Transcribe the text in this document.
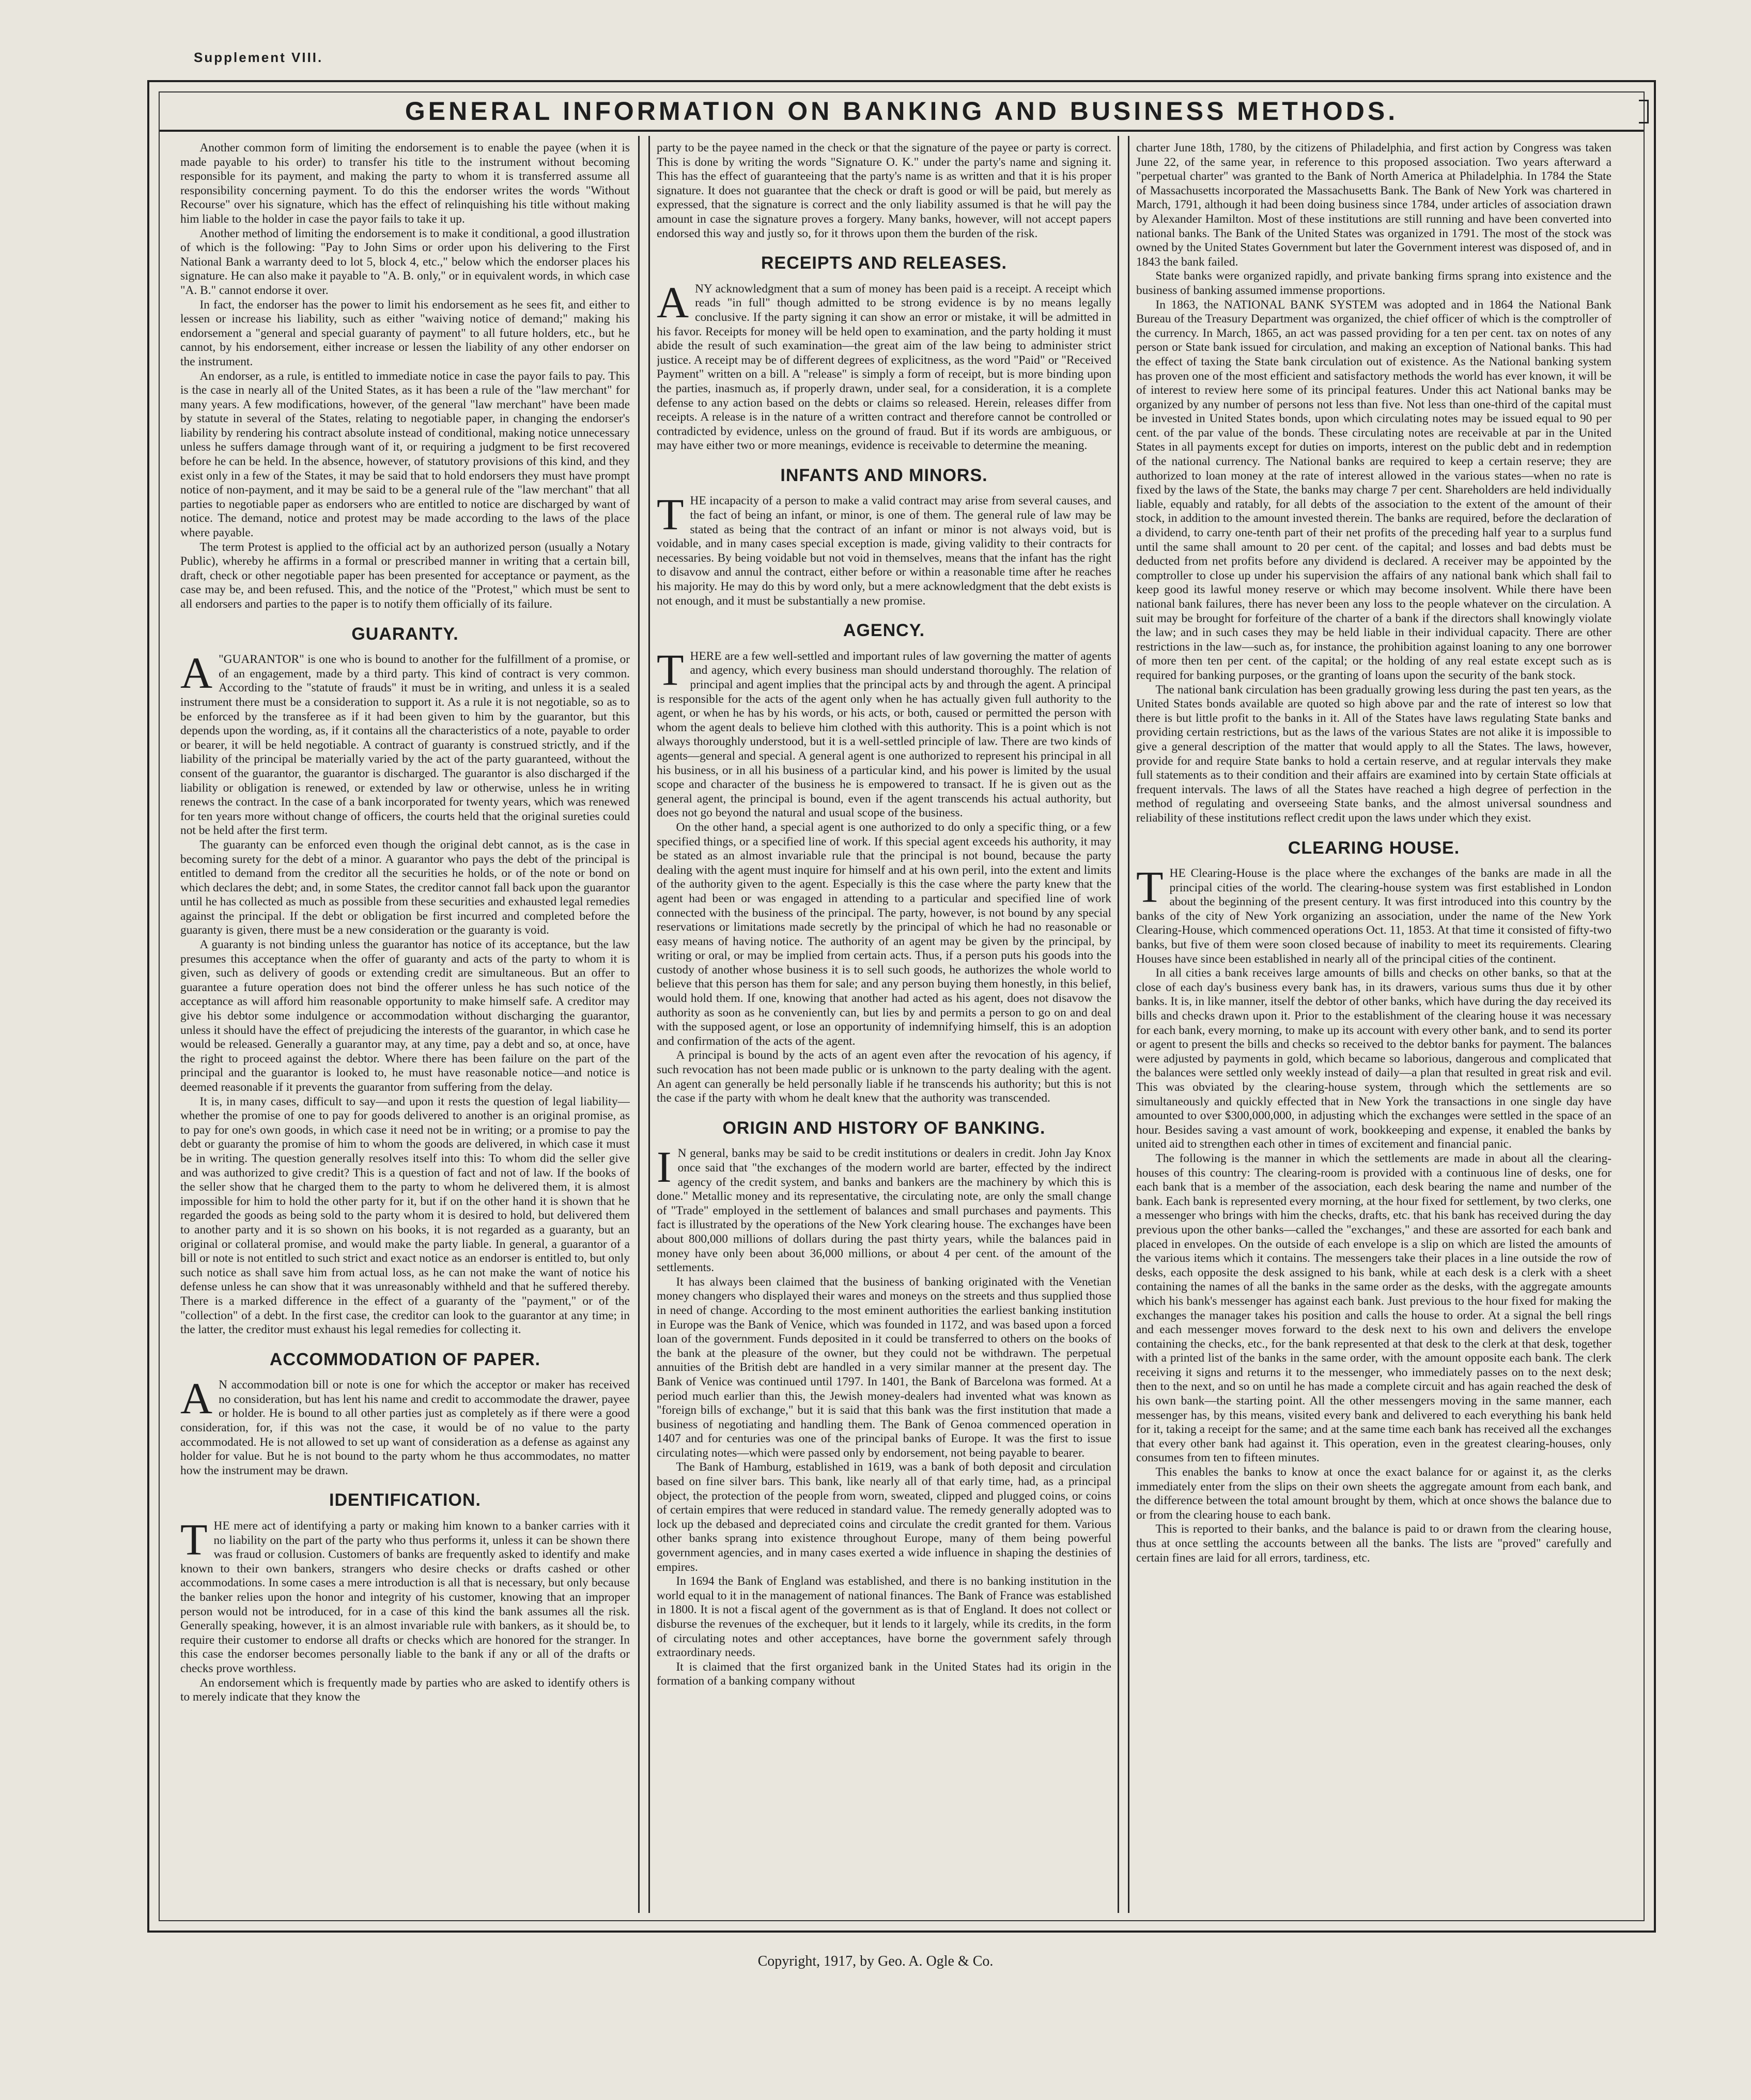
Supplement VIII.
GENERAL INFORMATION ON BANKING AND BUSINESS METHODS.

Another common form of limiting the endorsement is to enable the payee (when it is made payable to his order) to transfer his title to the instrument without becoming responsible for its payment, and making the party to whom it is transferred assume all responsibility concerning payment. To do this the endorser writes the words "Without Recourse" over his signature, which has the effect of relinquishing his title without making him liable to the holder in case the payor fails to take it up.

Another method of limiting the endorsement is to make it conditional, a good illustration of which is the following: "Pay to John Sims or order upon his delivering to the First National Bank a warranty deed to lot 5, block 4, etc.," below which the endorser places his signature. He can also make it payable to "A. B. only," or in equivalent words, in which case "A. B." cannot endorse it over.

In fact, the endorser has the power to limit his endorsement as he sees fit, and either to lessen or increase his liability, such as either "waiving notice of demand;" making his endorsement a "general and special guaranty of payment" to all future holders, etc., but he cannot, by his endorsement, either increase or lessen the liability of any other endorser on the instrument.

An endorser, as a rule, is entitled to immediate notice in case the payor fails to pay. This is the case in nearly all of the United States, as it has been a rule of the "law merchant" for many years. A few modifications, however, of the general "law merchant" have been made by statute in several of the States, relating to negotiable paper, in changing the endorser's liability by rendering his contract absolute instead of conditional, making notice unnecessary unless he suffers damage through want of it, or requiring a judgment to be first recovered before he can be held. In the absence, however, of statutory provisions of this kind, and they exist only in a few of the States, it may be said that to hold endorsers they must have prompt notice of non-payment, and it may be said to be a general rule of the "law merchant" that all parties to negotiable paper as endorsers who are entitled to notice are discharged by want of notice. The demand, notice and protest may be made according to the laws of the place where payable.

The term Protest is applied to the official act by an authorized person (usually a Notary Public), whereby he affirms in a formal or prescribed manner in writing that a certain bill, draft, check or other negotiable paper has been presented for acceptance or payment, as the case may be, and been refused. This, and the notice of the "Protest," which must be sent to all endorsers and parties to the paper is to notify them officially of its failure.

GUARANTY.

A "GUARANTOR" is one who is bound to another for the fulfillment of a promise, or of an engagement, made by a third party. This kind of contract is very common. According to the "statute of frauds" it must be in writing, and unless it is a sealed instrument there must be a consideration to support it. As a rule it is not negotiable, so as to be enforced by the transferee as if it had been given to him by the guarantor, but this depends upon the wording, as, if it contains all the characteristics of a note, payable to order or bearer, it will be held negotiable. A contract of guaranty is construed strictly, and if the liability of the principal be materially varied by the act of the party guaranteed, without the consent of the guarantor, the guarantor is discharged. The guarantor is also discharged if the liability or obligation is renewed, or extended by law or otherwise, unless he in writing renews the contract. In the case of a bank incorporated for twenty years, which was renewed for ten years more without change of officers, the courts held that the original sureties could not be held after the first term.

The guaranty can be enforced even though the original debt cannot, as is the case in becoming surety for the debt of a minor. A guarantor who pays the debt of the principal is entitled to demand from the creditor all the securities he holds, or of the note or bond on which declares the debt; and, in some States, the creditor cannot fall back upon the guarantor until he has collected as much as possible from these securities and exhausted legal remedies against the principal. If the debt or obligation be first incurred and completed before the guaranty is given, there must be a new consideration or the guaranty is void.

A guaranty is not binding unless the guarantor has notice of its acceptance, but the law presumes this acceptance when the offer of guaranty and acts of the party to whom it is given, such as delivery of goods or extending credit are simultaneous. But an offer to guarantee a future operation does not bind the offerer unless he has such notice of the acceptance as will afford him reasonable opportunity to make himself safe. A creditor may give his debtor some indulgence or accommodation without discharging the guarantor, unless it should have the effect of prejudicing the interests of the guarantor, in which case he would be released. Generally a guarantor may, at any time, pay a debt and so, at once, have the right to proceed against the debtor. Where there has been failure on the part of the principal and the guarantor is looked to, he must have reasonable notice—and notice is deemed reasonable if it prevents the guarantor from suffering from the delay.

It is, in many cases, difficult to say—and upon it rests the question of legal liability—whether the promise of one to pay for goods delivered to another is an original promise, as to pay for one's own goods, in which case it need not be in writing; or a promise to pay the debt or guaranty the promise of him to whom the goods are delivered, in which case it must be in writing. The question generally resolves itself into this: To whom did the seller give and was authorized to give credit? This is a question of fact and not of law. If the books of the seller show that he charged them to the party to whom he delivered them, it is almost impossible for him to hold the other party for it, but if on the other hand it is shown that he regarded the goods as being sold to the party whom it is desired to hold, but delivered them to another party and it is so shown on his books, it is not regarded as a guaranty, but an original or collateral promise, and would make the party liable. In general, a guarantor of a bill or note is not entitled to such strict and exact notice as an endorser is entitled to, but only such notice as shall save him from actual loss, as he can not make the want of notice his defense unless he can show that it was unreasonably withheld and that he suffered thereby. There is a marked difference in the effect of a guaranty of the "payment," or of the "collection" of a debt. In the first case, the creditor can look to the guarantor at any time; in the latter, the creditor must exhaust his legal remedies for collecting it.

ACCOMMODATION OF PAPER.

A N accommodation bill or note is one for which the acceptor or maker has received no consideration, but has lent his name and credit to accommodate the drawer, payee or holder. He is bound to all other parties just as completely as if there were a good consideration, for, if this was not the case, it would be of no value to the party accommodated. He is not allowed to set up want of consideration as a defense as against any holder for value. But he is not bound to the party whom he thus accommodates, no matter how the instrument may be drawn.

IDENTIFICATION.

THE mere act of identifying a party or making him known to a banker carries with it no liability on the part of the party who thus performs it, unless it can be shown there was fraud or collusion. Customers of banks are frequently asked to identify and make known to their own bankers, strangers who desire checks or drafts cashed or other accommodations. In some cases a mere introduction is all that is necessary, but only because the banker relies upon the honor and integrity of his customer, knowing that an improper person would not be introduced, for in a case of this kind the bank assumes all the risk. Generally speaking, however, it is an almost invariable rule with bankers, as it should be, to require their customer to endorse all drafts or checks which are honored for the stranger. In this case the endorser becomes personally liable to the bank if any or all of the drafts or checks prove worthless.

An endorsement which is frequently made by parties who are asked to identify others is to merely indicate that they know the

party to be the payee named in the check or that the signature of the payee or party is correct. This is done by writing the words "Signature O. K." under the party's name and signing it. This has the effect of guaranteeing that the party's name is as written and that it is his proper signature. It does not guarantee that the check or draft is good or will be paid, but merely as expressed, that the signature is correct and the only liability assumed is that he will pay the amount in case the signature proves a forgery. Many banks, however, will not accept papers endorsed this way and justly so, for it throws upon them the burden of the risk.

RECEIPTS AND RELEASES.

ANY acknowledgment that a sum of money has been paid is a receipt. A receipt which reads "in full" though admitted to be strong evidence is by no means legally conclusive. If the party signing it can show an error or mistake, it will be admitted in his favor. Receipts for money will be held open to examination, and the party holding it must abide the result of such examination—the great aim of the law being to administer strict justice. A receipt may be of different degrees of explicitness, as the word "Paid" or "Received Payment" written on a bill. A "release" is simply a form of receipt, but is more binding upon the parties, inasmuch as, if properly drawn, under seal, for a consideration, it is a complete defense to any action based on the debts or claims so released. Herein, releases differ from receipts. A release is in the nature of a written contract and therefore cannot be controlled or contradicted by evidence, unless on the ground of fraud. But if its words are ambiguous, or may have either two or more meanings, evidence is receivable to determine the meaning.

INFANTS AND MINORS.

THE incapacity of a person to make a valid contract may arise from several causes, and the fact of being an infant, or minor, is one of them. The general rule of law may be stated as being that the contract of an infant or minor is not always void, but is voidable, and in many cases special exception is made, giving validity to their contracts for necessaries. By being voidable but not void in themselves, means that the infant has the right to disavow and annul the contract, either before or within a reasonable time after he reaches his majority. He may do this by word only, but a mere acknowledgment that the debt exists is not enough, and it must be substantially a new promise.

AGENCY.

THERE are a few well-settled and important rules of law governing the matter of agents and agency, which every business man should understand thoroughly. The relation of principal and agent implies that the principal acts by and through the agent. A principal is responsible for the acts of the agent only when he has actually given full authority to the agent, or when he has by his words, or his acts, or both, caused or permitted the person with whom the agent deals to believe him clothed with this authority. This is a point which is not always thoroughly understood, but it is a well-settled principle of law. There are two kinds of agents—general and special. A general agent is one authorized to represent his principal in all his business, or in all his business of a particular kind, and his power is limited by the usual scope and character of the business he is empowered to transact. If he is given out as the general agent, the principal is bound, even if the agent transcends his actual authority, but does not go beyond the natural and usual scope of the business.

On the other hand, a special agent is one authorized to do only a specific thing, or a few specified things, or a specified line of work. If this special agent exceeds his authority, it may be stated as an almost invariable rule that the principal is not bound, because the party dealing with the agent must inquire for himself and at his own peril, into the extent and limits of the authority given to the agent. Especially is this the case where the party knew that the agent had been or was engaged in attending to a particular and specified line of work connected with the business of the principal. The party, however, is not bound by any special reservations or limitations made secretly by the principal of which he had no reasonable or easy means of having notice. The authority of an agent may be given by the principal, by writing or oral, or may be implied from certain acts. Thus, if a person puts his goods into the custody of another whose business it is to sell such goods, he authorizes the whole world to believe that this person has them for sale; and any person buying them honestly, in this belief, would hold them. If one, knowing that another had acted as his agent, does not disavow the authority as soon as he conveniently can, but lies by and permits a person to go on and deal with the supposed agent, or lose an opportunity of indemnifying himself, this is an adoption and confirmation of the acts of the agent.

A principal is bound by the acts of an agent even after the revocation of his agency, if such revocation has not been made public or is unknown to the party dealing with the agent. An agent can generally be held personally liable if he transcends his authority; but this is not the case if the party with whom he dealt knew that the authority was transcended.

ORIGIN AND HISTORY OF BANKING.

I N general, banks may be said to be credit institutions or dealers in credit. John Jay Knox once said that "the exchanges of the modern world are barter, effected by the indirect agency of the credit system, and banks and bankers are the machinery by which this is done." Metallic money and its representative, the circulating note, are only the small change of "Trade" employed in the settlement of balances and small purchases and payments. This fact is illustrated by the operations of the New York clearing house. The exchanges have been about 800,000 millions of dollars during the past thirty years, while the balances paid in money have only been about 36,000 millions, or about 4 per cent. of the amount of the settlements.

It has always been claimed that the business of banking originated with the Venetian money changers who displayed their wares and moneys on the streets and thus supplied those in need of change. According to the most eminent authorities the earliest banking institution in Europe was the Bank of Venice, which was founded in 1172, and was based upon a forced loan of the government. Funds deposited in it could be transferred to others on the books of the bank at the pleasure of the owner, but they could not be withdrawn. The perpetual annuities of the British debt are handled in a very similar manner at the present day. The Bank of Venice was continued until 1797. In 1401, the Bank of Barcelona was formed. At a period much earlier than this, the Jewish money-dealers had invented what was known as "foreign bills of exchange," but it is said that this bank was the first institution that made a business of negotiating and handling them. The Bank of Genoa commenced operation in 1407 and for centuries was one of the principal banks of Europe. It was the first to issue circulating notes—which were passed only by endorsement, not being payable to bearer.

The Bank of Hamburg, established in 1619, was a bank of both deposit and circulation based on fine silver bars. This bank, like nearly all of that early time, had, as a principal object, the protection of the people from worn, sweated, clipped and plugged coins, or coins of certain empires that were reduced in standard value. The remedy generally adopted was to lock up the debased and depreciated coins and circulate the credit granted for them. Various other banks sprang into existence throughout Europe, many of them being powerful government agencies, and in many cases exerted a wide influence in shaping the destinies of empires.

In 1694 the Bank of England was established, and there is no banking institution in the world equal to it in the management of national finances. The Bank of France was established in 1800. It is not a fiscal agent of the government as is that of England. It does not collect or disburse the revenues of the exchequer, but it lends to it largely, while its credits, in the form of circulating notes and other acceptances, have borne the government safely through extraordinary needs.

It is claimed that the first organized bank in the United States had its origin in the formation of a banking company without

charter June 18th, 1780, by the citizens of Philadelphia, and first action by Congress was taken June 22, of the same year, in reference to this proposed association. Two years afterward a "perpetual charter" was granted to the Bank of North America at Philadelphia. In 1784 the State of Massachusetts incorporated the Massachusetts Bank. The Bank of New York was chartered in March, 1791, although it had been doing business since 1784, under articles of association drawn by Alexander Hamilton. Most of these institutions are still running and have been converted into national banks. The Bank of the United States was organized in 1791. The most of the stock was owned by the United States Government but later the Government interest was disposed of, and in 1843 the bank failed.

State banks were organized rapidly, and private banking firms sprang into existence and the business of banking assumed immense proportions.

In 1863, the NATIONAL BANK SYSTEM was adopted and in 1864 the National Bank Bureau of the Treasury Department was organized, the chief officer of which is the comptroller of the currency. In March, 1865, an act was passed providing for a ten per cent. tax on notes of any person or State bank issued for circulation, and making an exception of National banks. This had the effect of taxing the State bank circulation out of existence. As the National banking system has proven one of the most efficient and satisfactory methods the world has ever known, it will be of interest to review here some of its principal features. Under this act National banks may be organized by any number of persons not less than five. Not less than one-third of the capital must be invested in United States bonds, upon which circulating notes may be issued equal to 90 per cent. of the par value of the bonds. These circulating notes are receivable at par in the United States in all payments except for duties on imports, interest on the public debt and in redemption of the national currency. The National banks are required to keep a certain reserve; they are authorized to loan money at the rate of interest allowed in the various states—when no rate is fixed by the laws of the State, the banks may charge 7 per cent. Shareholders are held individually liable, equably and ratably, for all debts of the association to the extent of the amount of their stock, in addition to the amount invested therein. The banks are required, before the declaration of a dividend, to carry one-tenth part of their net profits of the preceding half year to a surplus fund until the same shall amount to 20 per cent. of the capital; and losses and bad debts must be deducted from net profits before any dividend is declared. A receiver may be appointed by the comptroller to close up under his supervision the affairs of any national bank which shall fail to keep good its lawful money reserve or which may become insolvent. While there have been national bank failures, there has never been any loss to the people whatever on the circulation. A suit may be brought for forfeiture of the charter of a bank if the directors shall knowingly violate the law; and in such cases they may be held liable in their individual capacity. There are other restrictions in the law—such as, for instance, the prohibition against loaning to any one borrower of more then ten per cent. of the capital; or the holding of any real estate except such as is required for banking purposes, or the granting of loans upon the security of the bank stock.

The national bank circulation has been gradually growing less during the past ten years, as the United States bonds available are quoted so high above par and the rate of interest so low that there is but little profit to the banks in it. All of the States have laws regulating State banks and providing certain restrictions, but as the laws of the various States are not alike it is impossible to give a general description of the matter that would apply to all the States. The laws, however, provide for and require State banks to hold a certain reserve, and at regular intervals they make full statements as to their condition and their affairs are examined into by certain State officials at frequent intervals. The laws of all the States have reached a high degree of perfection in the method of regulating and overseeing State banks, and the almost universal soundness and reliability of these institutions reflect credit upon the laws under which they exist.

CLEARING HOUSE.

THE Clearing-House is the place where the exchanges of the banks are made in all the principal cities of the world. The clearing-house system was first established in London about the beginning of the present century. It was first introduced into this country by the banks of the city of New York organizing an association, under the name of the New York Clearing-House, which commenced operations Oct. 11, 1853. At that time it consisted of fifty-two banks, but five of them were soon closed because of inability to meet its requirements. Clearing Houses have since been established in nearly all of the principal cities of the continent.

In all cities a bank receives large amounts of bills and checks on other banks, so that at the close of each day's business every bank has, in its drawers, various sums thus due it by other banks. It is, in like manner, itself the debtor of other banks, which have during the day received its bills and checks drawn upon it. Prior to the establishment of the clearing house it was necessary for each bank, every morning, to make up its account with every other bank, and to send its porter or agent to present the bills and checks so received to the debtor banks for payment. The balances were adjusted by payments in gold, which became so laborious, dangerous and complicated that the balances were settled only weekly instead of daily—a plan that resulted in great risk and evil. This was obviated by the clearing-house system, through which the settlements are so simultaneously and quickly effected that in New York the transactions in one single day have amounted to over $300,000,000, in adjusting which the exchanges were settled in the space of an hour. Besides saving a vast amount of work, bookkeeping and expense, it enabled the banks by united aid to strengthen each other in times of excitement and financial panic.

The following is the manner in which the settlements are made in about all the clearing-houses of this country: The clearing-room is provided with a continuous line of desks, one for each bank that is a member of the association, each desk bearing the name and number of the bank. Each bank is represented every morning, at the hour fixed for settlement, by two clerks, one a messenger who brings with him the checks, drafts, etc. that his bank has received during the day previous upon the other banks—called the "exchanges," and these are assorted for each bank and placed in envelopes. On the outside of each envelope is a slip on which are listed the amounts of the various items which it contains. The messengers take their places in a line outside the row of desks, each opposite the desk assigned to his bank, while at each desk is a clerk with a sheet containing the names of all the banks in the same order as the desks, with the aggregate amounts which his bank's messenger has against each bank. Just previous to the hour fixed for making the exchanges the manager takes his position and calls the house to order. At a signal the bell rings and each messenger moves forward to the desk next to his own and delivers the envelope containing the checks, etc., for the bank represented at that desk to the clerk at that desk, together with a printed list of the banks in the same order, with the amount opposite each bank. The clerk receiving it signs and returns it to the messenger, who immediately passes on to the next desk; then to the next, and so on until he has made a complete circuit and has again reached the desk of his own bank—the starting point. All the other messengers moving in the same manner, each messenger has, by this means, visited every bank and delivered to each everything his bank held for it, taking a receipt for the same; and at the same time each bank has received all the exchanges that every other bank had against it. This operation, even in the greatest clearing-houses, only consumes from ten to fifteen minutes.

This enables the banks to know at once the exact balance for or against it, as the clerks immediately enter from the slips on their own sheets the aggregate amount from each bank, and the difference between the total amount brought by them, which at once shows the balance due to or from the clearing house to each bank.

This is reported to their banks, and the balance is paid to or drawn from the clearing house, thus at once settling the accounts between all the banks. The lists are "proved" carefully and certain fines are laid for all errors, tardiness, etc.

Copyright, 1917, by Geo. A. Ogle & Co.
